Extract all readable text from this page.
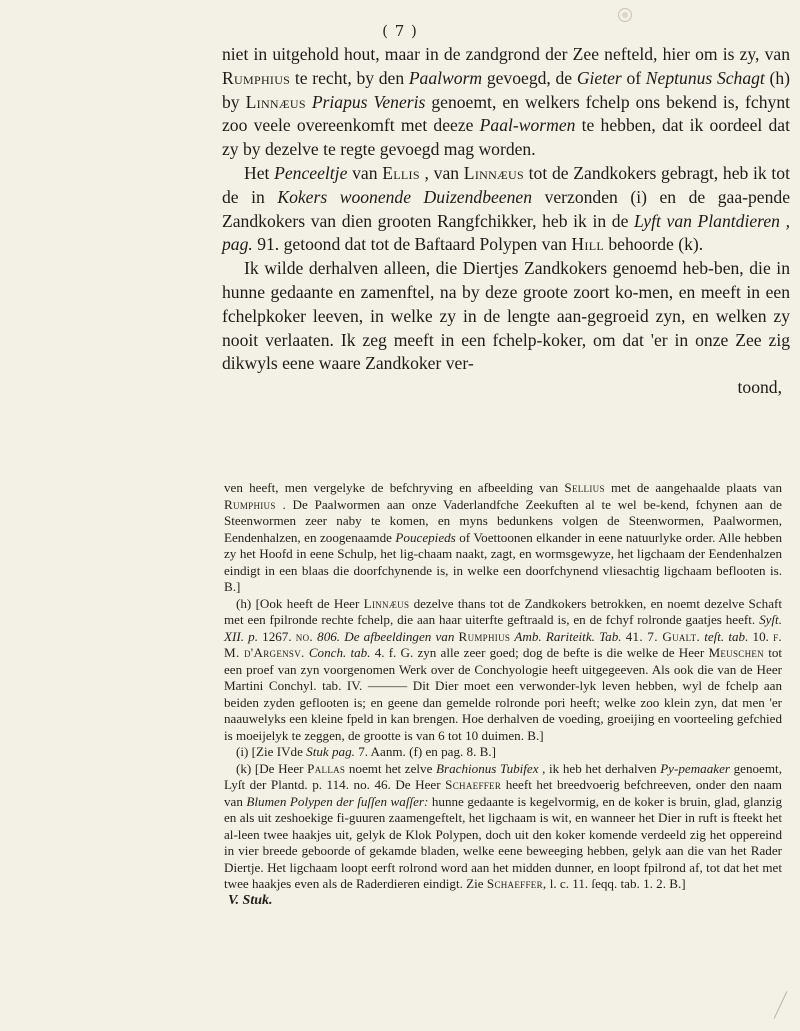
( 7 )

niet in uitgehold hout, maar in de zandgrond der Zee nefteld, hier om is zy, van Rumphius te recht, by den Paalworm gevoegd, de Gieter of Neptunus Schagt (h) by Linnæus Priapus Veneris genoemt, en welkers fchelp ons bekend is, fchynt zoo veele overeenkomft met deeze Paal-wormen te hebben, dat ik oordeel dat zy by dezelve te regte gevoegd mag worden.

Het Penceeltje van Ellis , van Linnæus tot de Zandkokers gebragt, heb ik tot de in Kokers woonende Duizendbeenen verzonden (i) en de gaa-pende Zandkokers van dien grooten Rangfchikker, heb ik in de Lyft van Plantdieren , pag. 91. getoond dat tot de Baftaard Polypen van Hill behoorde (k).

Ik wilde derhalven alleen, die Diertjes Zandkokers genoemd heb-ben, die in hunne gedaante en zamenftel, na by deze groote zoort ko-men, en meeft in een fchelpkoker leeven, in welke zy in de lengte aan-gegroeid zyn, en welken zy nooit verlaaten. Ik zeg meeft in een fchelp-koker, om dat 'er in onze Zee zig dikwyls eene waare Zandkoker ver-

toond,

ven heeft, men vergelyke de befchryving en afbeelding van Sellius met de aangehaalde plaats van Rumphius . De Paalwormen aan onze Vaderlandfche Zeekuften al te wel be-kend, fchynen aan de Steenwormen zeer naby te komen, en myns bedunkens volgen de Steenwormen, Paalwormen, Eendenhalzen, en zoogenaamde Poucepieds of Voettoonen elkander in eene natuurlyke order. Alle hebben zy het Hoofd in eene Schulp, het lig-chaam naakt, zagt, en wormsgewyze, het ligchaam der Eendenhalzen eindigt in een blaas die doorfchynende is, in welke een doorfchynend vliesachtig ligchaam beflooten is. B.]

(h) [Ook heeft de Heer Linnæus dezelve thans tot de Zandkokers betrokken, en noemt dezelve Schaft met een fpilronde rechte fchelp, die aan haar uiterfte geftraald is, en de fchyf rolronde gaatjes heeft. Syſt. XII. p. 1267. no. 806. De afbeeldingen van Rumphius Amb. Rariteitk. Tab. 41. 7. Gualt. teſt. tab. 10. f. M. d'Argensv. Conch. tab. 4. f. G. zyn alle zeer goed; dog de befte is die welke de Heer Meuschen tot een proef van zyn voorgenomen Werk over de Conchyologie heeft uitgegeeven. Als ook die van de Heer Martini Conchyl. tab. IV. ——— Dit Dier moet een verwonder-lyk leven hebben, wyl de fchelp aan beiden zyden geflooten is; en geene dan gemelde rolronde pori heeft; welke zoo klein zyn, dat men 'er naauwelyks een kleine fpeld in kan brengen. Hoe derhalven de voeding, groeijing en voorteeling gefchied is moeijelyk te zeggen, de grootte is van 6 tot 10 duimen. B.]

(i) [Zie IVde Stuk pag. 7. Aanm. (f) en pag. 8. B.]

(k) [De Heer Pallas noemt het zelve Brachionus Tubifex , ik heb het derhalven Py-pemaaker genoemt, Lyſt der Plantd. p. 114. no. 46. De Heer Schaeffer heeft het breedvoerig befchreeven, onder den naam van Blumen Polypen der ſuſſen waſſer: hunne gedaante is kegelvormig, en de koker is bruin, glad, glanzig en als uit zeshoekige fi-guuren zaamengeftelt, het ligchaam is wit, en wanneer het Dier in ruft is fteekt het al-leen twee haakjes uit, gelyk de Klok Polypen, doch uit den koker komende verdeeld zig het oppereind in vier breede geboorde of gekamde bladen, welke eene beweeging hebben, gelyk aan die van het Rader Diertje. Het ligchaam loopt eerft rolrond word aan het midden dunner, en loopt fpilrond af, tot dat het met twee haakjes even als de Raderdieren eindigt. Zie Schaeffer, l. c. 11. ſeqq. tab. 1. 2. B.]

V. Stuk.
